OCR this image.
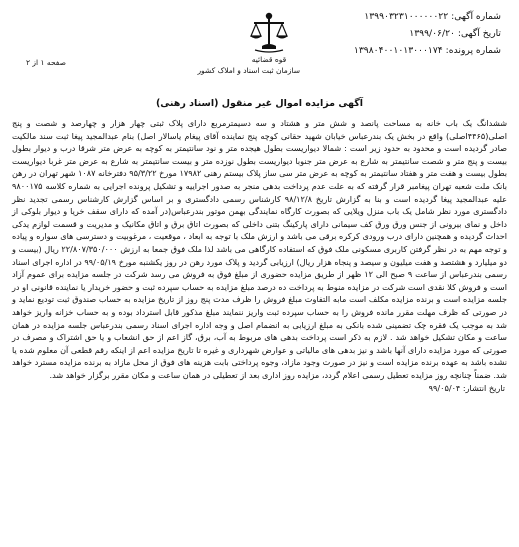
شماره آگهی: ۱۳۹۹۰۳۲۳۱۰۰۰۰۰۰۲۲
تاریخ آگهی: ۱۳۹۹/۰۶/۲۰
شماره پرونده: ۱۳۹۸۰۴۰۰۱۰۱۳۰۰۰۱۷۴
قوه قضائیه
سازمان ثبت اسناد و املاک کشور
صفحه ۱ از ۲
آگهی مزایده اموال غیر منقول (اسناد رهنی)
ششدانگ یک باب خانه به مساحت پانصد و شش متر و هشتاد و سه دسیمترمربع دارای پلاک ثبتی چهار هزار و چهارصد و شصت و پنج اصلی(۴۴۶۵اصلی) واقع در بخش یک بندرعباس خیابان شهید حقانی کوچه پنج نماینده آقای پیغام یاسالار اصل) بنام عبدالمجید پیغا ثبت سند مالکیت صادر گردیده است و محدود به حدود زیر است : شمالا دیواریست بطول هیجده متر و نود سانتیمتر به کوچه به عرض متر شرقا درب و دیوار بطول بیست و پنج متر و شصت سانتیمتر به شارع به عرض متر جنوبا دیواریست بطول نوزده متر و بیست سانتیمتر به شارع به عرض متر غربا دیواریست بطول بیست و هفت متر و هفتاد سانتیمتر به کوچه به عرض متر سی ساز پلاک بیستم رهنی ۱۷۹۸۲ مورخ ۹۵/۳/۲۲ دفترخانه ۱۰۸۷ شهر تهران در رهن بانک ملت شعبه تهران پیغامبر قرار گرفته که به علت عدم پرداخت بدهی منجر به صدور اجراییه و تشکیل پرونده اجرایی به شماره کلاسه ۹۸۰۰۱۷۵ علیه عبدالمجید پیغا گردیده است و بنا به گزارش تاریخ ۹۸/۱۲/۸ کارشناس رسمی دادگستری و بر اساس گزارش کارشناس رسمی تجدید نظر دادگستری مورد نظر شامل یک باب منزل ویلایی که بصورت کارگاه نمایندگی بهمن موتور بندرعباس(در آمده که دارای سقف خریا و دیوار بلوکی از داخل و نمای بیرونی از جنس ورق ورق کف سیمانی دارای پارکینگ بتنی داخلی که بصورت اتاق برق و اتاق مکانیک و مدیریت و قسمت لوازم یدکی احداث گردیده و همچنین دارای درب ورودی کرکره برقی می باشد و ارزش ملک با توجه به ابعاد ، موقعیت ، مرغوبیت و دسترسی های سواره و پیاده و توجه مهم به در نظر گرفتن کاربری مسکونی ملک فوق که استفاده کارگاهی می باشد لذا ملک فوق جمعا به ارزش ۲۲/۸۰۷/۳۵۰/۰۰۰ ریال (بیست و دو میلیارد و هشتصد و هفت میلیون و سیصد و پنجاه هزار ریال) ارزیابی گردید و پلاک مورد رهن در روز یکشنبه مورخ ۹۹/۰۵/۱۹ در اداره اجرای اسناد رسمی بندرعباس از ساعت ۹ صبح الی ۱۲ ظهر از طریق مزایده حضوری از مبلغ فوق به فروش می رسد شرکت در جلسه مزایده برای عموم آزاد است و فروش کلا نقدی است شرکت در مزایده منوط به پرداخت ده درصد مبلغ مزایده به حساب سپرده ثبت و حضور خریدار یا نماینده قانونی او در جلسه مزایده است و برنده مزایده مکلف است مابه التفاوت مبلغ فروش را ظرف مدت پنج روز از تاریخ مزایده به حساب صندوق ثبت تودیع نماید و در صورتی که ظرف مهلت مقرر مانده فروش را به حساب سپرده ثبت واریز ننمایند مبلغ مذکور قابل استرداد بوده و به حساب خزانه واریز خواهد شد به موجب یک فقره چک تضمینی شده بانکی به مبلغ ارزیابی به انضمام اصل و وجه اداره اجرای اسناد رسمی بندرعباس جلسه مزایده در همان ساعت و مکان تشکیل خواهد شد . لازم به ذکر است پرداخت بدهی های مربوط به آب، برق، گاز اعم از حق انشعاب و یا حق اشتراک و مصرف در صورتی که مورد مزایده دارای آنها باشد و نیز بدهی های مالیاتی و عوارض شهرداری و غیره تا تاریخ مزایده اعم از اینکه رقم قطعی آن معلوم شده یا نشده باشد به عهده برنده مزایده است و نیز در صورت وجود مازاد، وجوه پرداختی بابت هزینه های فوق از محل مازاد به برنده مزایده مسترد خواهد شد. ضمناً چنانچه روز مزایده تعطیل رسمی اعلام گردد، مزایده روز اداری بعد از تعطیلی در همان ساعت و مکان مقرر برگزار خواهد شد.
تاریخ انتشار: ۹۹/۰۵/۰۴
